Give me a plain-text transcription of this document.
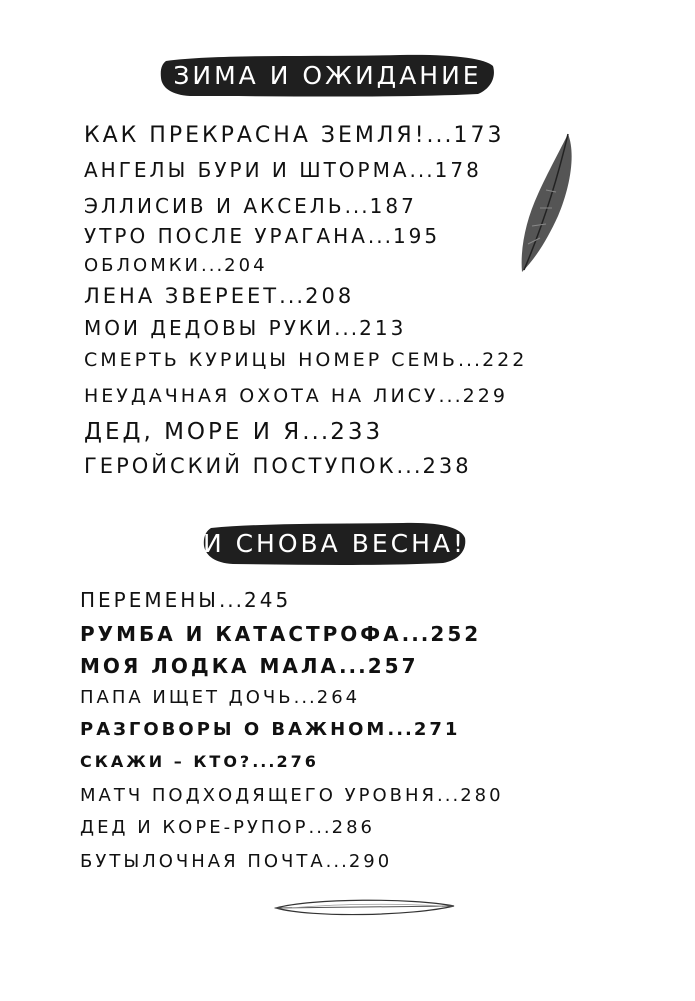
ЗИМА И ОЖИДАНИЕ
КАК ПРЕКРАСНА ЗЕМЛЯ!...173
АНГЕЛЫ БУРИ И ШТОРМА...178
ЭЛЛИСИВ И АКСЕЛЬ...187
УТРО ПОСЛЕ УРАГАНА...195
ОБЛОМКИ...204
ЛЕНА ЗВЕРЕЕТ...208
МОИ ДЕДОВЫ РУКИ...213
СМЕРТЬ КУРИЦЫ НОМЕР СЕМЬ...222
НЕУДАЧНАЯ ОХОТА НА ЛИСУ...229
ДЕД, МОРЕ И Я...233
ГЕРОЙСКИЙ ПОСТУПОК...238
И СНОВА ВЕСНА!
ПЕРЕМЕНЫ...245
РУМБА И КАТАСТРОФА...252
МОЯ ЛОДКА МАЛА...257
ПАПА ИЩЕТ ДОЧЬ...264
РАЗГОВОРЫ О ВАЖНОМ...271
СКАЖИ – КТО?...276
МАТЧ ПОДХОДЯЩЕГО УРОВНЯ...280
ДЕД И КОРЕ-РУПОР...286
БУТЫЛОЧНАЯ ПОЧТА...290
